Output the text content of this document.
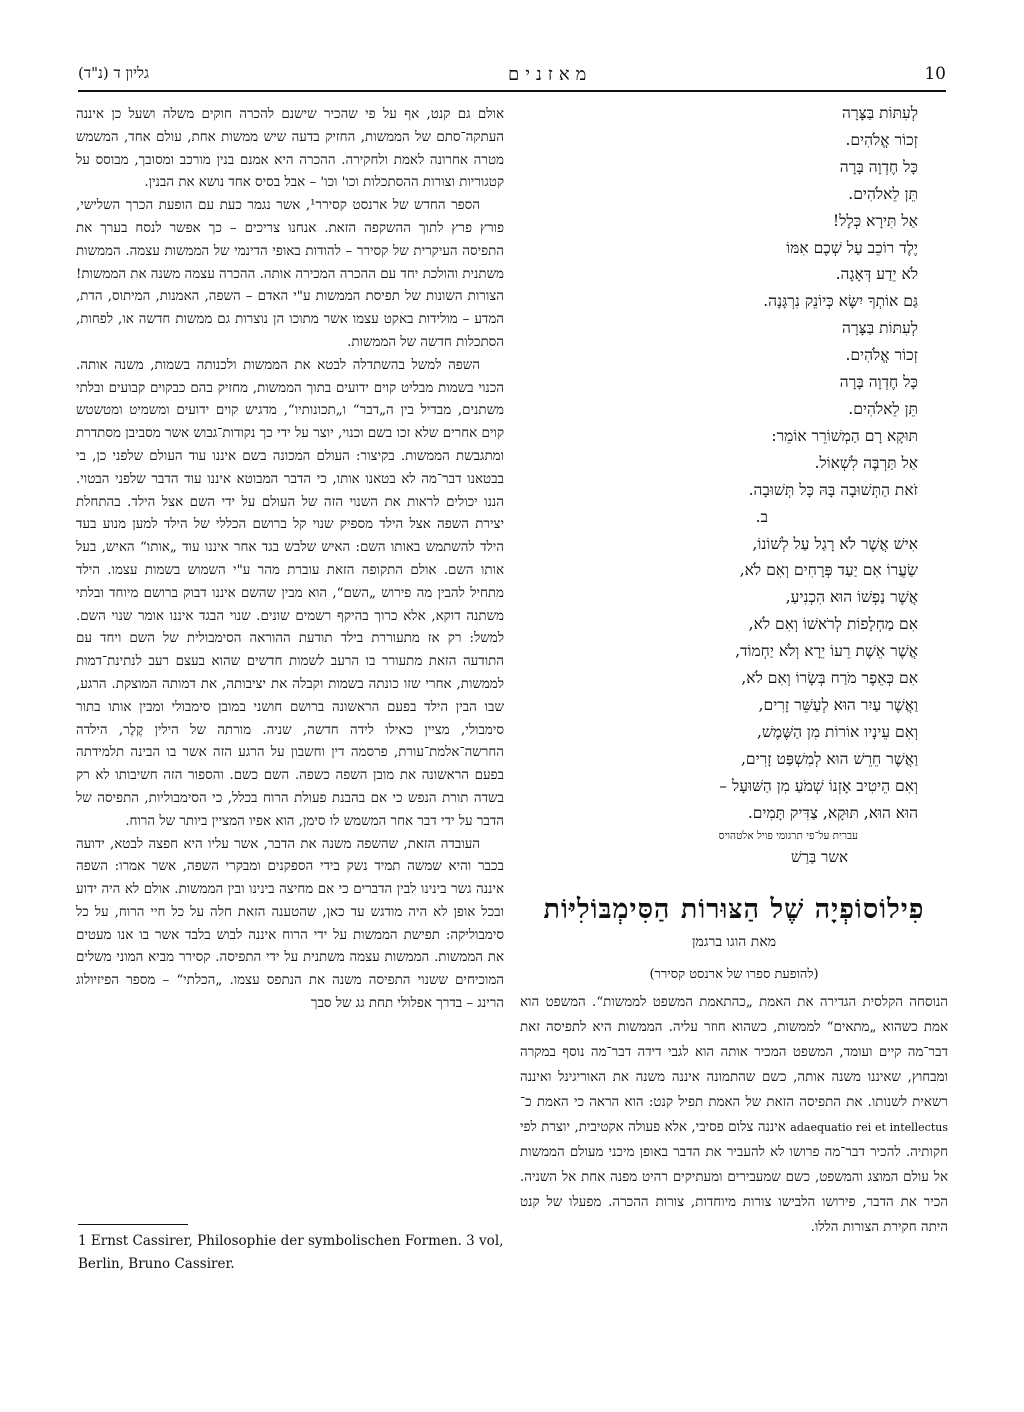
10
מאזנים
גליון ד (נ"ד)
לְעִתּוֹת בַּצָּרָה
זְכוֹר אֱלֹהִים.
כָּל חֶדְוָה בָּרָה
תֵּן לֵאלֹהִים.
אַל תִּירָא כְּלָל!
יֶלֶד רוֹכֵב עַל שְׁכֶם אִמּוֹ
לֹא יֵדַע דְּאָגָה.
גַּם אוֹתְךָ יִשָּׂא כְּיוֹנֵק נִרְגָּנָה.
לְעִתּוֹת בַּצָּרָה
זְכוֹר אֱלֹהִים.
כָּל חֶדְוָה בָּרָה
תֵּן לֵאלֹהִים.
תּוּקָא רָם הַמְשׁוֹרֵר אוֹמֵר:
אַל תַּרְבֶּה לִשְׁאוֹל.
זֹאת הַתְּשׁוּבָה בָּהּ כָּל תְּשׁוּבָה.
ב.
אִישׁ אֲשֶׁר לֹא רָגַל עַל לְשׁוֹנוֹ,
שַׂעֲרוֹ אִם יַעַד פְּרָחִים וְאִם לֹא,
אֲשֶׁר נַפְשׁוֹ הוּא הִכְנִיעַ,
אִם מַחְלָפוֹת לְרֹאשׁוֹ וְאִם לֹא,
אֲשֶׁר אֵשֶׁת רֵעוֹ יֵרָא וְלֹא יַחְמוֹד,
אִם כְּאֵפֶר מֹרַח בְּשָׂרוֹ וְאִם לֹא,
וַאֲשֶׁר עַיִר הוּא לְעַשֵּׁר זָרִים,
וְאִם עֵינָיו אוֹרוֹת מִן הַשֶּׁמֶשׁ,
וַאֲשֶׁר חֵרֵשׁ הוּא לְמִשְׁפַּט זָרִים,
וְאִם הֵיטִיב אָזְנוֹ שְׁמֹעַ מִן הַשּׁוּעָל –
הוּא הוּא, תּוּקָא, צַדִּיק תָּמִים.
עברית על־פי תרגומי פויל אלטהויס
אשר בַּרַשׁ
פִילוֹסוֹפְיָה שֶׁל הַצּוּרוֹת הַסִּימְבּוֹלִיּוֹת
מאת הוגו ברגמן
(להופעת ספרו של ארנסט קסירר)
הנוסחה הקלסית הגדירה את האמת „כהתאמת המשפט לממשות“. המשפט הוא אמת כשהוא „מתאים“ לממשות, כשהוא חוזר עליה. הממשות היא לתפיסה זאת דבר־מה קיים ועומד, המשפט המכיר אותה הוא לגבי דידה דבר־מה נוסף במקרה ומבחוץ, שאיננו משנה אותה, כשם שהתמונה איננה משנה את האוריגינל ואיננה רשאית לשנותו. את התפיסה הזאת של האמת תפיל קנט: הוא הראה כי האמת כ־ adaequatio rei et intellectus איננה צלום פסיבי, אלא פעולה אקטיבית, יוצרת לפי חקותיה. להכיר דבר־מה פרושו לא להעביר את הדבר באופן מיכני מעולם הממשות אל עולם המוצג והמשפט, כשם שמעבירים ומעתיקים רהיט מפנה אחת אל השניה. הכיר את הדבר, פירושו הלבישו צורות מיוחדות, צורות ההכרה. מפעלו של קנט היתה חקירת הצורות הללו.

אולם גם קנט, אף על פי שהכיר שישנם להכרה חוקים משלה ושעל כן איננה העתקה־סתם של הממשות, החזיק בדעה שיש ממשות אחת, עולם אחד, המשמש מטרה אחרונה לאמת ולחקירה. ההכרה היא אמנם בנין מורכב ומסובך, מבוסס על קטגוריות וצורות ההסתכלות וכו' וכו' – אבל בסיס אחד נושא את הבנין.

הספר החדש של ארנסט קסירר¹, אשר נגמר כעת עם הופעת הכרך השלישי, פורץ פרץ לתוך ההשקפה הזאת. אנחנו צריכים – כך אפשר לנסח בערך את התפיסה העיקרית של קסירר – להודות באופי הדינמי של הממשות עצמה. הממשות משתנית והולכת יחד עם ההכרה המכירה אותה. ההכרה עצמה משנה את הממשות! הצורות השונות של תפיסת הממשות ע"י האדם – השפה, האמנות, המיתוס, הדת, המדע – מולידות באקט עצמו אשר מתוכו הן נוצרות גם ממשות חדשה או, לפחות, הסתכלות חדשה של הממשות.

השפה למשל בהשתדלה לבטא את הממשות ולכנותה בשמות, משנה אותה. הכנוי בשמות מבליט קוים ידועים בתוך הממשות, מחזיק בהם כבקוים קבועים ובלתי משתנים, מבדיל בין ה„דבר“ ו„תכונותיו“, מדגיש קוים ידועים ומשמיט ומטשטש קוים אחרים שלא זכו בשם וכנוי, יוצר על ידי כך נקודות־גבוש אשר מסביבן מסתדרת ומתגבשת הממשות. בקיצור: העולם המכונה בשם איננו עוד העולם שלפני כן, בי בבטאנו דבר־מה לא בטאנו אותו, כי הדבר המבוטא איננו עוד הדבר שלפני הבטוי. הננו יכולים לראות את השנוי הזה של העולם על ידי השם אצל הילד. בהתחלת יצירת השפה אצל הילד מספיק שנוי קל ברושם הכללי של הילד למען מנוע בעד הילד להשתמש באותו השם: האיש שלבש בגד אחר איננו עוד „אותו“ האיש, בעל אותו השם. אולם התקופה הזאת עוברת מהר ע"י השמוש בשמות עצמו. הילד מתחיל להבין מה פירוש „השם“, הוא מבין שהשם איננו דבוק ברושם מיוחד ובלתי משתנה דוקא, אלא כרוך בהיקף רשמים שונים. שנוי הבגד איננו אומר שנוי השם. למשל: רק אז מתעוררת בילד תודעת ההוראה הסימבולית של השם ויחד עם התודעה הזאת מתעורר בו הרעב לשמות חדשים שהוא בעצם רעב לנתינת־דמות לממשות, אחרי שזו כונתה בשמות וקבלה את יציבותה, את דמותה המוצקת. הרגע, שבו הבין הילד בפעם הראשונה ברושם חושני במובן סימבולי ומבין אותו בתור סימבולי, מציין כאילו לידה חדשה, שניה. מורתה של הילין קֶלֶר, הילדה החרשה־אלמת־עורת, פרסמה דין וחשבון על הרגע הזה אשר בו הבינה תלמידתה בפעם הראשונה את מובן השפה כשפה. השם כשם. והספור הזה חשיבותו לא רק בשדה תורת הנפש כי אם בהבנת פעולת הרוח בכלל, כי הסימבוליות, התפיסה של הדבר על ידי דבר אחר המשמש לו סימן, הוא אפיו המציין ביותר של הרוח.

העובדה הזאת, שהשפה משנה את הדבר, אשר עליו היא חפצה לבטא, ידועה בכבר והיא שמשה תמיד נשק בידי הספקנים ומבקרי השפה, אשר אמרו: השפה איננה גשר בינינו לבין הדברים כי אם מחיצה בינינו ובין הממשות. אולם לא היה ידוע ובכל אופן לא היה מודגש עד כאן, שהטענה הזאת חלה על כל חיי הרוח, על כל סימבוליקה: תפישת הממשות על ידי הרוח איננה לבוש בלבד אשר בו אנו מעטים את הממשות. הממשות עצמה משתנית על ידי התפיסה. קסירר מביא המוני משלים המוכיחים ששנוי התפיסה משנה את הנתפס עצמו. „הכלתי“ – מספר הפיזיולוג הרינג – בדרך אפלולי תחת גג של סבך

1 Ernst Cassirer, Philosophie der symbolischen Formen. 3 vol, Berlin, Bruno Cassirer.
